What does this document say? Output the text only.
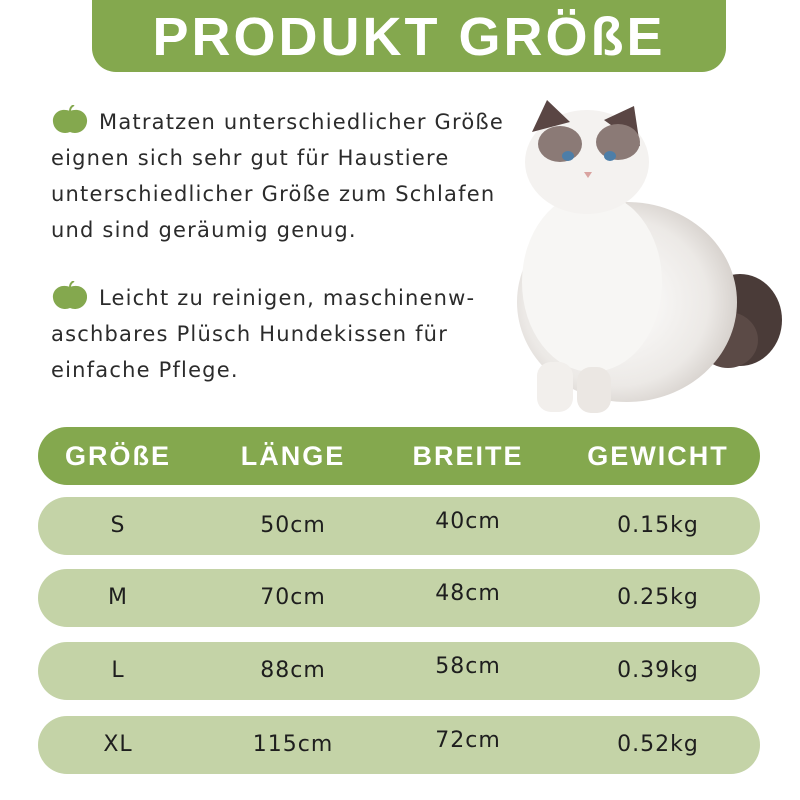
PRODUKT GRÖßE
Matratzen unterschiedlicher Größe eignen sich sehr gut für Haustiere unterschiedlicher Größe zum Schlafen und sind geräumig genug.
Leicht zu reinigen, maschinenw-aschbares Plüsch Hundekissen für einfache Pflege.
GRÖßE	LÄNGE	BREITE	GEWICHT
S	50cm	40cm	0.15kg
M	70cm	48cm	0.25kg
L	88cm	58cm	0.39kg
XL	115cm	72cm	0.52kg
